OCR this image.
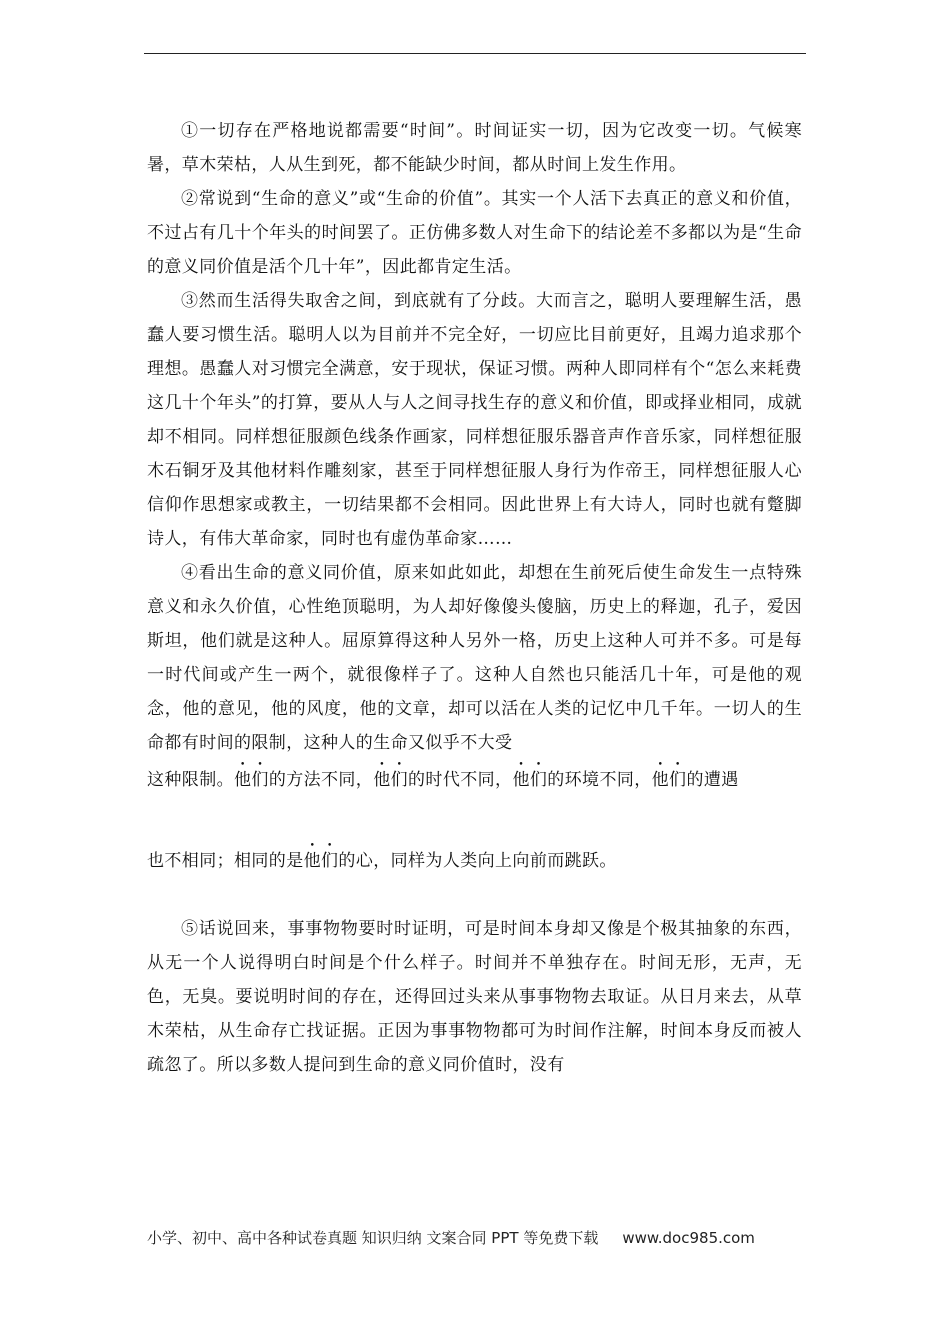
①一切存在严格地说都需要“时间”。时间证实一切，因为它改变一切。气候寒暑，草木荣枯，人从生到死，都不能缺少时间，都从时间上发生作用。

②常说到“生命的意义”或“生命的价值”。其实一个人活下去真正的意义和价值，不过占有几十个年头的时间罢了。正仿佛多数人对生命下的结论差不多都以为是“生命的意义同价值是活个几十年”，因此都肯定生活。

③然而生活得失取舍之间，到底就有了分歧。大而言之，聪明人要理解生活，愚蠢人要习惯生活。聪明人以为目前并不完全好，一切应比目前更好，且竭力追求那个理想。愚蠢人对习惯完全满意，安于现状，保证习惯。两种人即同样有个“怎么来耗费这几十个年头”的打算，要从人与人之间寻找生存的意义和价值，即或择业相同，成就却不相同。同样想征服颜色线条作画家，同样想征服乐器音声作音乐家，同样想征服木石铜牙及其他材料作雕刻家，甚至于同样想征服人身行为作帝王，同样想征服人心信仰作思想家或教主，一切结果都不会相同。因此世界上有大诗人，同时也就有蹩脚诗人，有伟大革命家，同时也有虚伪革命家……

④看出生命的意义同价值，原来如此如此，却想在生前死后使生命发生一点特殊意义和永久价值，心性绝顶聪明，为人却好像傻头傻脑，历史上的释迦，孔子，爱因斯坦，他们就是这种人。屈原算得这种人另外一格，历史上这种人可并不多。可是每一时代间或产生一两个，就很像样子了。这种人自然也只能活几十年，可是他的观念，他的意见，他的风度，他的文章，却可以活在人类的记忆中几千年。一切人的生命都有时间的限制，这种人的生命又似乎不大受

这种限制。他们的方法不同，他们的时代不同，他们的环境不同，他们的遭遇

也不相同；相同的是他们的心，同样为人类向上向前而跳跃。

⑤话说回来，事事物物要时时证明，可是时间本身却又像是个极其抽象的东西，从无一个人说得明白时间是个什么样子。时间并不单独存在。时间无形，无声，无色，无臭。要说明时间的存在，还得回过头来从事事物物去取证。从日月来去，从草木荣枯，从生命存亡找证据。正因为事事物物都可为时间作注解，时间本身反而被人疏忽了。所以多数人提问到生命的意义同价值时，没有

小学、初中、高中各种试卷真题 知识归纳 文案合同 PPT 等免费下载 www.doc985.com
